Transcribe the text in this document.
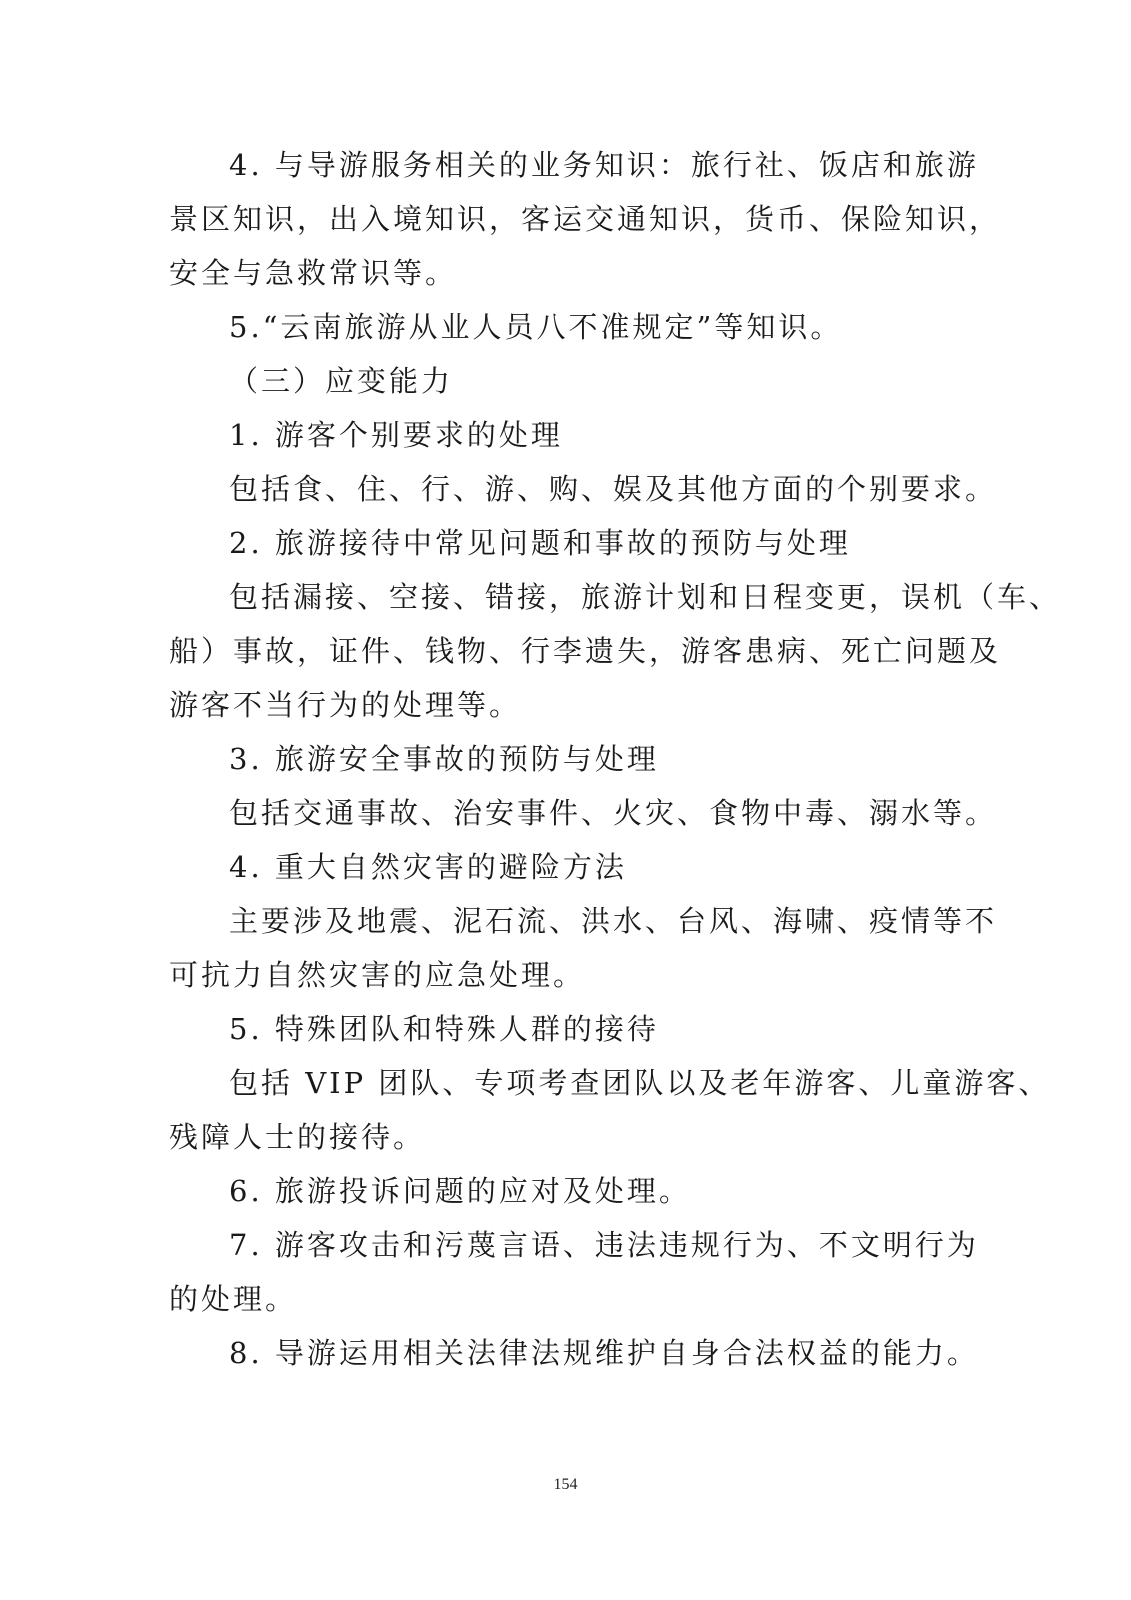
4. 与导游服务相关的业务知识：旅行社、饭店和旅游
景区知识，出入境知识，客运交通知识，货币、保险知识，
安全与急救常识等。
5.“云南旅游从业人员八不准规定”等知识。
（三）应变能力
1. 游客个别要求的处理
包括食、住、行、游、购、娱及其他方面的个别要求。
2. 旅游接待中常见问题和事故的预防与处理
包括漏接、空接、错接，旅游计划和日程变更，误机（车、
船）事故，证件、钱物、行李遗失，游客患病、死亡问题及
游客不当行为的处理等。
3. 旅游安全事故的预防与处理
包括交通事故、治安事件、火灾、食物中毒、溺水等。
4. 重大自然灾害的避险方法
主要涉及地震、泥石流、洪水、台风、海啸、疫情等不
可抗力自然灾害的应急处理。
5. 特殊团队和特殊人群的接待
包括 VIP 团队、专项考查团队以及老年游客、儿童游客、
残障人士的接待。
6. 旅游投诉问题的应对及处理。
7. 游客攻击和污蔑言语、违法违规行为、不文明行为
的处理。
8. 导游运用相关法律法规维护自身合法权益的能力。
154
